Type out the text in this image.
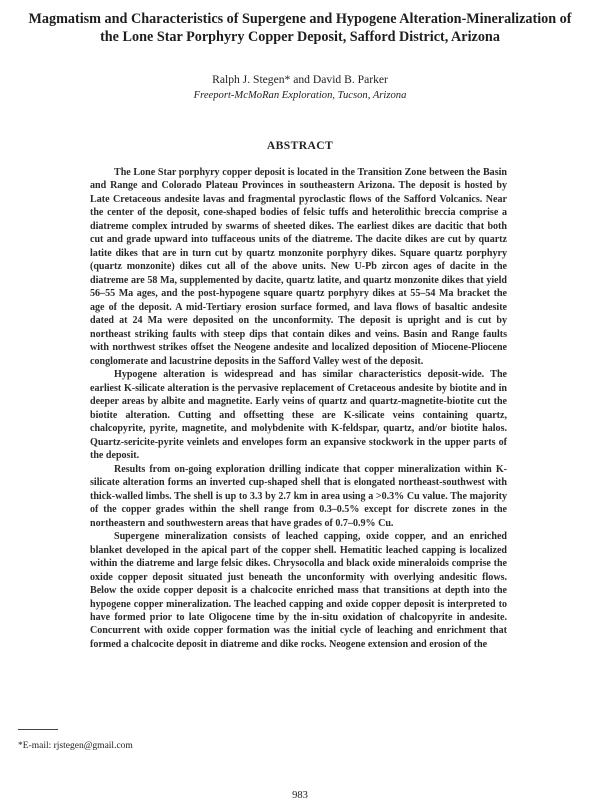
Magmatism and Characteristics of Supergene and Hypogene Alteration-Mineralization of the Lone Star Porphyry Copper Deposit, Safford District, Arizona

Ralph J. Stegen* and David B. Parker

Freeport-McMoRan Exploration, Tucson, Arizona

ABSTRACT

The Lone Star porphyry copper deposit is located in the Transition Zone between the Basin and Range and Colorado Plateau Provinces in southeastern Arizona. The deposit is hosted by Late Cretaceous andesite lavas and fragmental pyroclastic flows of the Safford Volcanics. Near the center of the deposit, cone-shaped bodies of felsic tuffs and heterolithic breccia comprise a diatreme complex intruded by swarms of sheeted dikes. The earliest dikes are dacitic that both cut and grade upward into tuffaceous units of the diatreme. The dacite dikes are cut by quartz latite dikes that are in turn cut by quartz monzonite porphyry dikes. Square quartz porphyry (quartz monzonite) dikes cut all of the above units. New U-Pb zircon ages of dacite in the diatreme are 58 Ma, supplemented by dacite, quartz latite, and quartz monzonite dikes that yield 56–55 Ma ages, and the post-hypogene square quartz porphyry dikes at 55–54 Ma bracket the age of the deposit. A mid-Tertiary erosion surface formed, and lava flows of basaltic andesite dated at 24 Ma were deposited on the unconformity. The deposit is upright and is cut by northeast striking faults with steep dips that contain dikes and veins. Basin and Range faults with northwest strikes offset the Neogene andesite and localized deposition of Miocene-Pliocene conglomerate and lacustrine deposits in the Safford Valley west of the deposit.

Hypogene alteration is widespread and has similar characteristics deposit-wide. The earliest K-silicate alteration is the pervasive replacement of Cretaceous andesite by biotite and in deeper areas by albite and magnetite. Early veins of quartz and quartz-magnetite-biotite cut the biotite alteration. Cutting and offsetting these are K-silicate veins containing quartz, chalcopyrite, pyrite, magnetite, and molybdenite with K-feldspar, quartz, and/or biotite halos. Quartz-sericite-pyrite veinlets and envelopes form an expansive stockwork in the upper parts of the deposit.

Results from on-going exploration drilling indicate that copper mineralization within K-silicate alteration forms an inverted cup-shaped shell that is elongated northeast-southwest with thick-walled limbs. The shell is up to 3.3 by 2.7 km in area using a >0.3% Cu value. The majority of the copper grades within the shell range from 0.3–0.5% except for discrete zones in the northeastern and southwestern areas that have grades of 0.7–0.9% Cu.

Supergene mineralization consists of leached capping, oxide copper, and an enriched blanket developed in the apical part of the copper shell. Hematitic leached capping is localized within the diatreme and large felsic dikes. Chrysocolla and black oxide mineraloids comprise the oxide copper deposit situated just beneath the unconformity with overlying andesitic flows. Below the oxide copper deposit is a chalcocite enriched mass that transitions at depth into the hypogene copper mineralization. The leached capping and oxide copper deposit is interpreted to have formed prior to late Oligocene time by the in-situ oxidation of chalcopyrite in andesite. Concurrent with oxide copper formation was the initial cycle of leaching and enrichment that formed a chalcocite deposit in diatreme and dike rocks. Neogene extension and erosion of the

*E-mail: rjstegen@gmail.com

983
